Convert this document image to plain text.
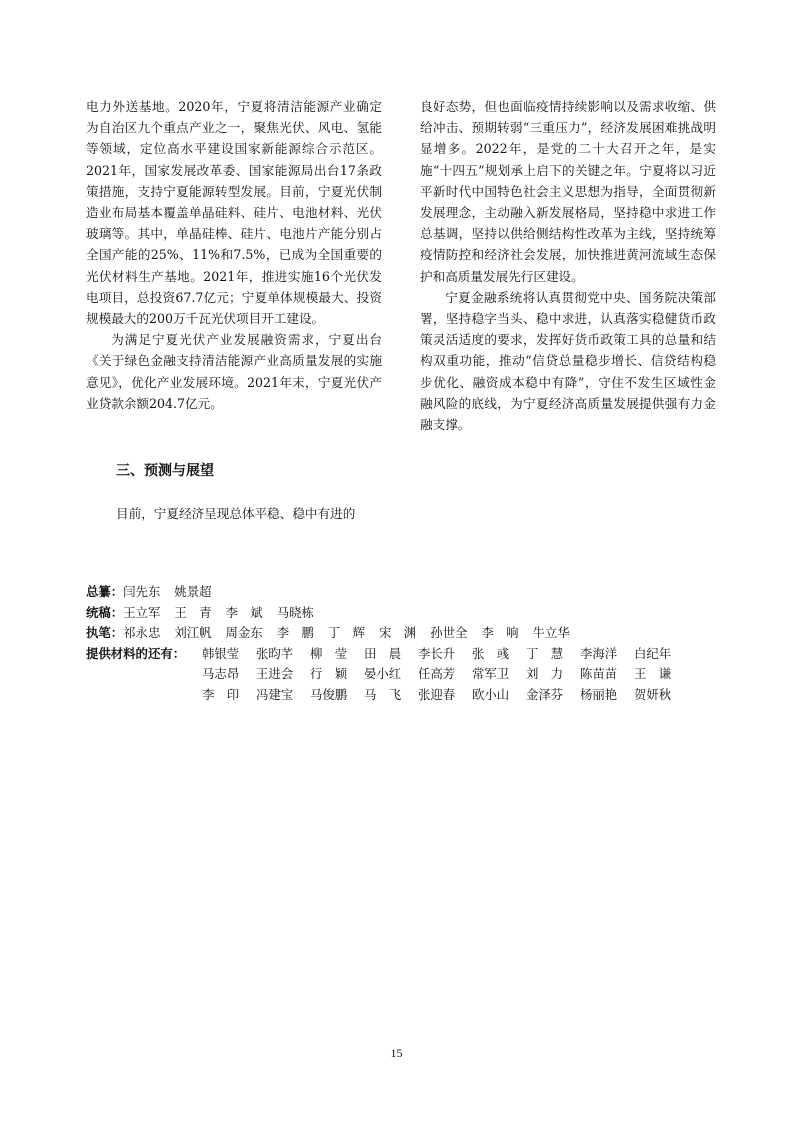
电力外送基地。2020年，宁夏将清洁能源产业确定为自治区九个重点产业之一，聚焦光伏、风电、氢能等领域，定位高水平建设国家新能源综合示范区。2021年，国家发展改革委、国家能源局出台17条政策措施，支持宁夏能源转型发展。目前，宁夏光伏制造业布局基本覆盖单晶硅料、硅片、电池材料、光伏玻璃等。其中，单晶硅棒、硅片、电池片产能分别占全国产能的25%、11%和7.5%，已成为全国重要的光伏材料生产基地。2021年，推进实施16个光伏发电项目，总投资67.7亿元；宁夏单体规模最大、投资规模最大的200万千瓦光伏项目开工建设。

为满足宁夏光伏产业发展融资需求，宁夏出台《关于绿色金融支持清洁能源产业高质量发展的实施意见》，优化产业发展环境。2021年末，宁夏光伏产业贷款余额204.7亿元。

三、预测与展望
目前，宁夏经济呈现总体平稳、稳中有进的

良好态势，但也面临疫情持续影响以及需求收缩、供给冲击、预期转弱“三重压力”，经济发展困难挑战明显增多。2022年，是党的二十大召开之年，是实施“十四五”规划承上启下的关键之年。宁夏将以习近平新时代中国特色社会主义思想为指导，全面贯彻新发展理念，主动融入新发展格局，坚持稳中求进工作总基调，坚持以供给侧结构性改革为主线，坚持统筹疫情防控和经济社会发展，加快推进黄河流域生态保护和高质量发展先行区建设。

宁夏金融系统将认真贯彻党中央、国务院决策部署，坚持稳字当头、稳中求进，认真落实稳健货币政策灵活适度的要求，发挥好货币政策工具的总量和结构双重功能，推动“信贷总量稳步增长、信贷结构稳步优化、融资成本稳中有降”，守住不发生区域性金融风险的底线，为宁夏经济高质量发展提供强有力金融支撑。

总纂：闫先东 姚景超
统稿：王立军 王　青 李　斌 马晓栋
执笔：祁永忠 刘江帆 周金东 李　鹏 丁　辉 宋　渊 孙世全 李　响 牛立华
提供材料的还有：	韩银莹	张昀芊	柳　莹	田　晨	李长升	张　彧	丁　慧	李海洋	白纪年
马志昂	王进会	行　颖	晏小红	任高芳	常军卫	刘　力	陈苗苗	王　谦
李　印	冯建宝	马俊鹏	马　飞	张迎春	欧小山	金泽芬	杨丽艳	贺妍秋
15
